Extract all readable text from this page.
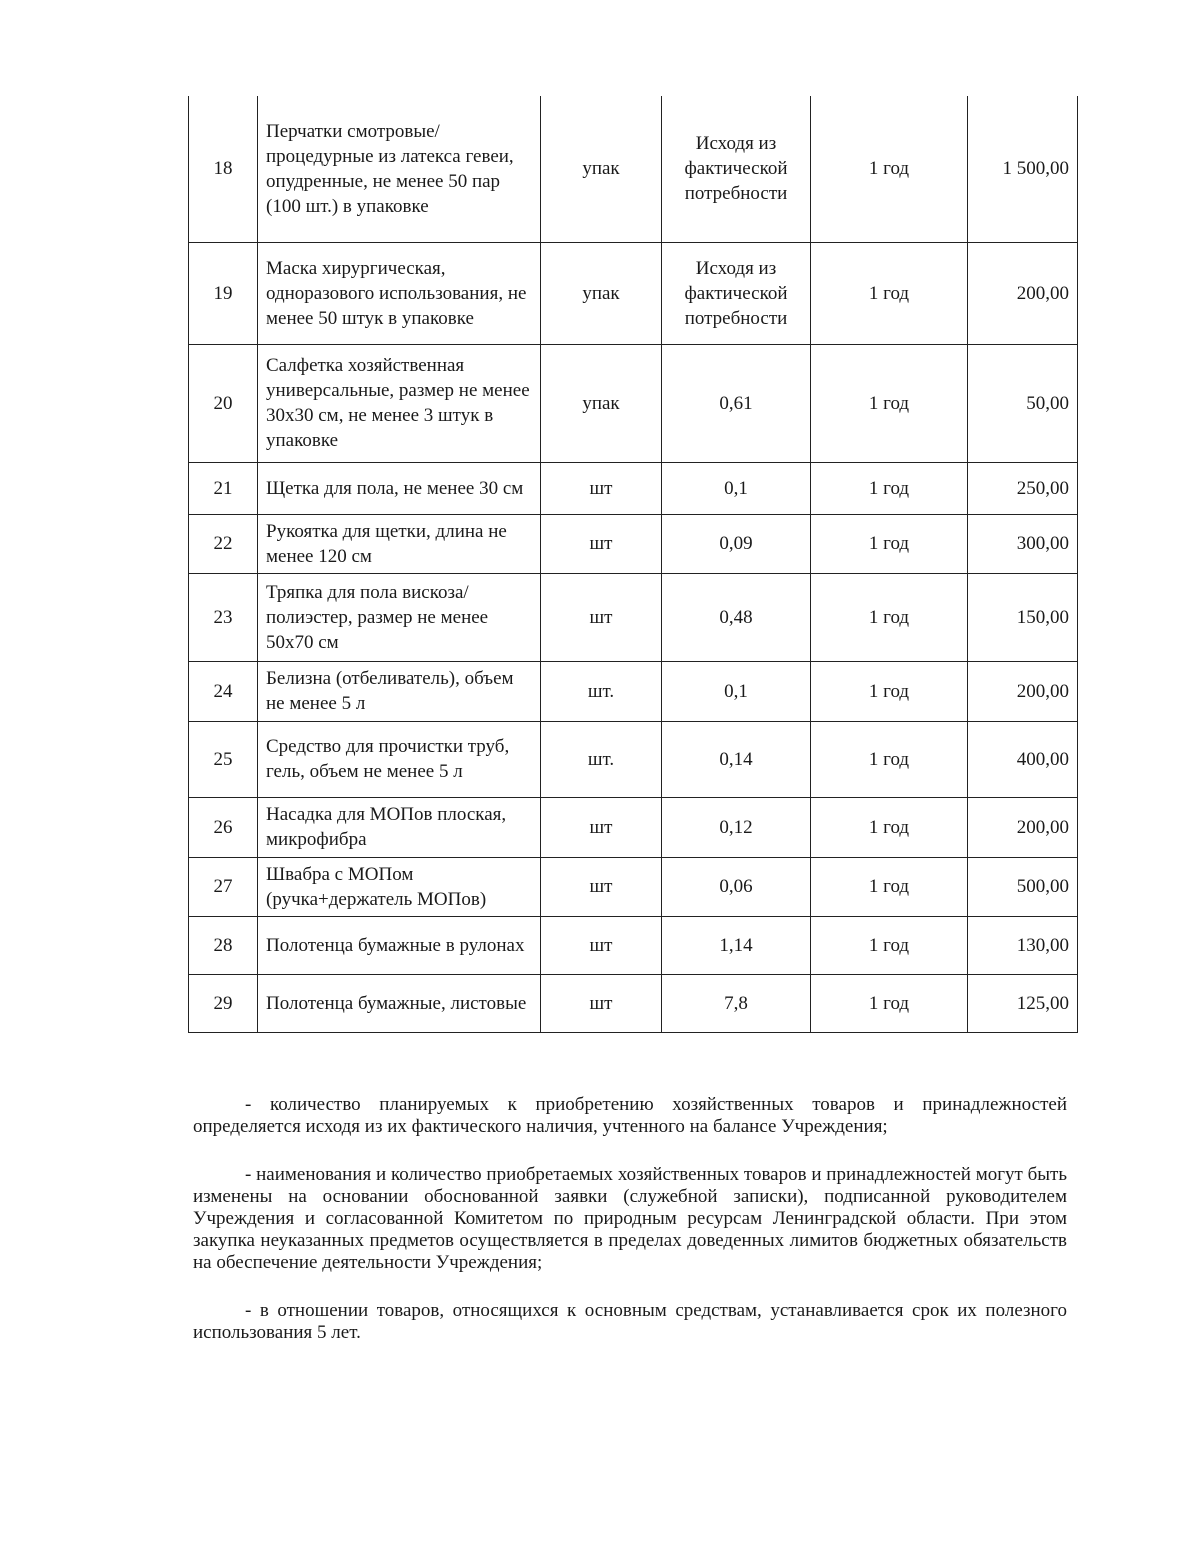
18	Перчатки смотровые/процедурные из латекса гевеи, опудренные, не менее 50 пар (100 шт.) в упаковке	упак	Исходя из фактической потребности	1 год	1 500,00
19	Маска хирургическая, одноразового использования, не менее 50 штук в упаковке	упак	Исходя из фактической потребности	1 год	200,00
20	Салфетка хозяйственная универсальные, размер не менее 30х30 см, не менее 3 штук в упаковке	упак	0,61	1 год	50,00
21	Щетка для пола, не менее 30 см	шт	0,1	1 год	250,00
22	Рукоятка для щетки, длина не менее 120 см	шт	0,09	1 год	300,00
23	Тряпка для пола вискоза/полиэстер, размер не менее 50х70 см	шт	0,48	1 год	150,00
24	Белизна (отбеливатель), объем не менее 5 л	шт.	0,1	1 год	200,00
25	Средство для прочистки труб, гель, объем не менее 5 л	шт.	0,14	1 год	400,00
26	Насадка для МОПов плоская, микрофибра	шт	0,12	1 год	200,00
27	Швабра с МОПом (ручка+держатель МОПов)	шт	0,06	1 год	500,00
28	Полотенца бумажные в рулонах	шт	1,14	1 год	130,00
29	Полотенца бумажные, листовые	шт	7,8	1 год	125,00

- количество планируемых к приобретению хозяйственных товаров и принадлежностей определяется исходя из их фактического наличия, учтенного на балансе Учреждения;

- наименования и количество приобретаемых хозяйственных товаров и принадлежностей могут быть изменены на основании обоснованной заявки (служебной записки), подписанной руководителем Учреждения и согласованной Комитетом по природным ресурсам Ленинградской области. При этом закупка неуказанных предметов осуществляется в пределах доведенных лимитов бюджетных обязательств на обеспечение деятельности Учреждения;

- в отношении товаров, относящихся к основным средствам, устанавливается срок их полезного использования 5 лет.
